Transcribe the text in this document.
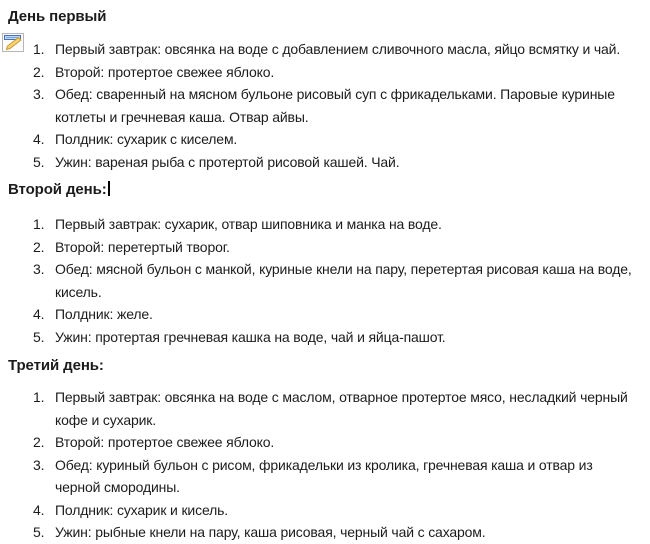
День первый

1. Первый завтрак: овсянка на воде с добавлением сливочного масла, яйцо всмятку и чай.
2. Второй: протертое свежее яблоко.
3. Обед: сваренный на мясном бульоне рисовый суп с фрикадельками. Паровые куриные
котлеты и гречневая каша. Отвар айвы.
4. Полдник: сухарик с киселем.
5. Ужин: вареная рыба с протертой рисовой кашей. Чай.

Второй день:

1. Первый завтрак: сухарик, отвар шиповника и манка на воде.
2. Второй: перетертый творог.
3. Обед: мясной бульон с манкой, куриные кнели на пару, перетертая рисовая каша на воде,
кисель.
4. Полдник: желе.
5. Ужин: протертая гречневая кашка на воде, чай и яйца-пашот.

Третий день:

1. Первый завтрак: овсянка на воде с маслом, отварное протертое мясо, несладкий черный
кофе и сухарик.
2. Второй: протертое свежее яблоко.
3. Обед: куриный бульон с рисом, фрикадельки из кролика, гречневая каша и отвар из
черной смородины.
4. Полдник: сухарик и кисель.
5. Ужин: рыбные кнели на пару, каша рисовая, черный чай с сахаром.
